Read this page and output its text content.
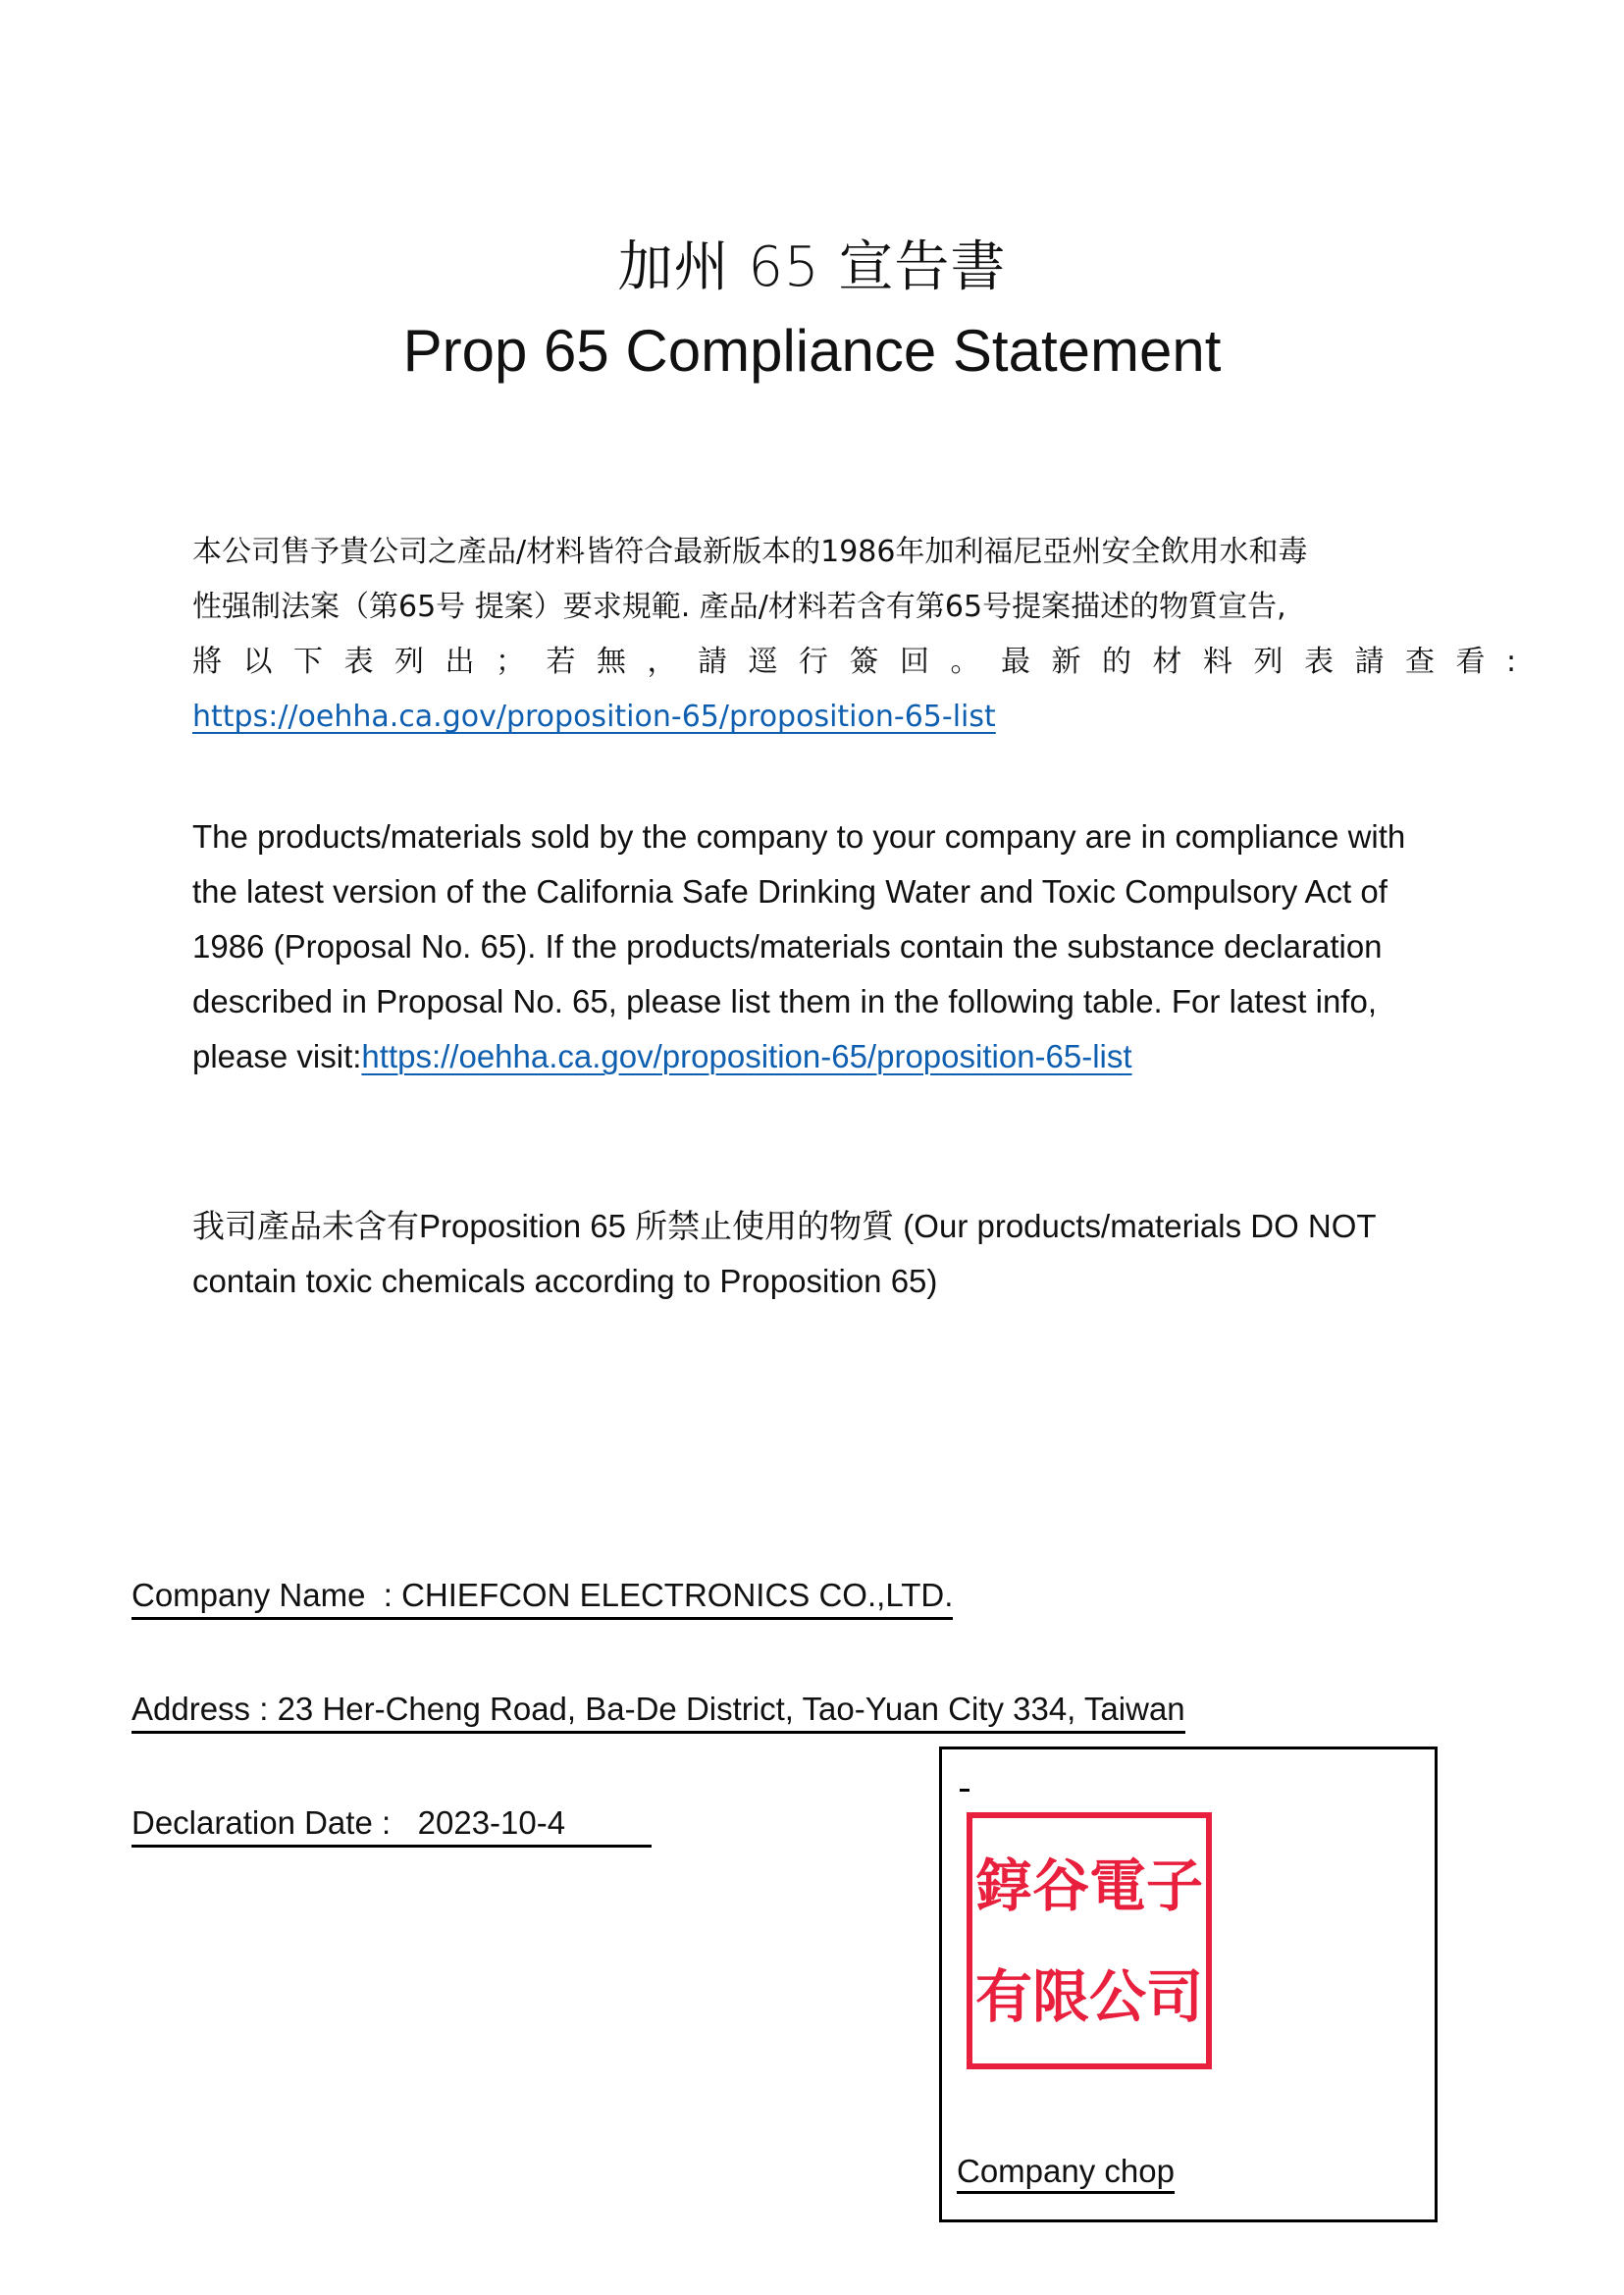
加州 65 宣告書
Prop 65 Compliance Statement
本公司售予貴公司之產品/材料皆符合最新版本的1986年加利福尼亞州安全飲用水和毒
性强制法案（第65号 提案）要求規範. 產品/材料若含有第65号提案描述的物質宣告,
將以下表列出；若無，請逕行簽回。最新的材料列表請查看:
https://oehha.ca.gov/proposition-65/proposition-65-list
The products/materials sold by the company to your company are in compliance with the latest version of the California Safe Drinking Water and Toxic Compulsory Act of 1986 (Proposal No. 65). If the products/materials contain the substance declaration described in Proposal No. 65, please list them in the following table. For latest info, please visit:https://oehha.ca.gov/proposition-65/proposition-65-list
我司產品未含有Proposition 65 所禁止使用的物質 (Our products/materials DO NOT contain toxic chemicals according to Proposition 65)
Company Name  : CHIEFCON ELECTRONICS CO.,LTD.
Address : 23 Her-Cheng Road, Ba-De District, Tao-Yuan City 334, Taiwan
Declaration Date :   2023-10-4
錞谷電子
有限公司
Company chop
